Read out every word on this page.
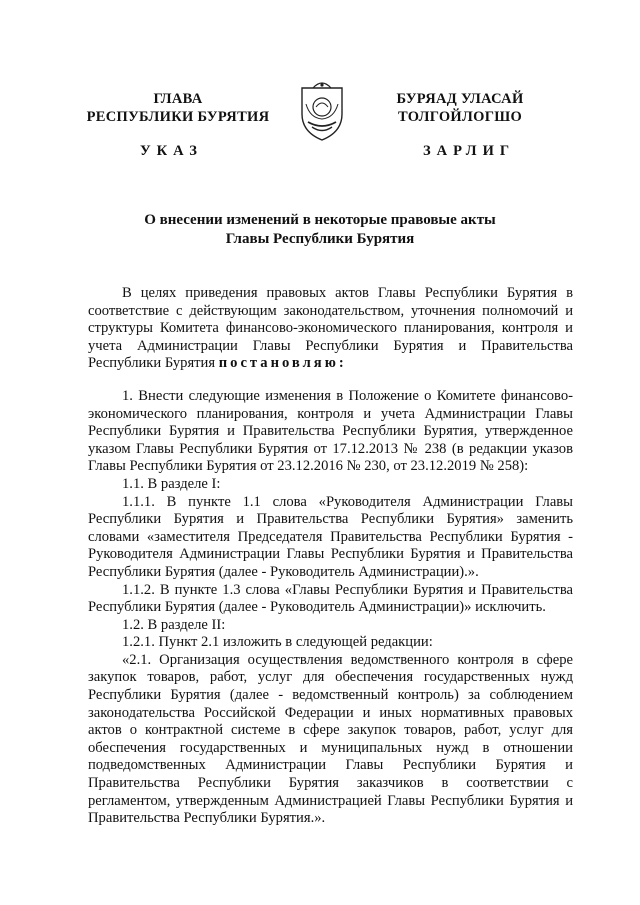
ГЛАВА
РЕСПУБЛИКИ БУРЯТИЯ
БУРЯАД УЛАСАЙ
ТОЛГОЙЛОГШО
УКАЗ	ЗАРЛИГ
О внесении изменений в некоторые правовые акты
Главы Республики Бурятия

В целях приведения правовых актов Главы Республики Бурятия в соответствие с действующим законодательством, уточнения полномочий и структуры Комитета финансово-экономического планирования, контроля и учета Администрации Главы Республики Бурятия и Правительства Республики Бурятия постановляю:

1. Внести следующие изменения в Положение о Комитете финансово-экономического планирования, контроля и учета Администрации Главы Республики Бурятия и Правительства Республики Бурятия, утвержденное указом Главы Республики Бурятия от 17.12.2013 № 238 (в редакции указов Главы Республики Бурятия от 23.12.2016 № 230, от 23.12.2019 № 258):

1.1. В разделе I:

1.1.1. В пункте 1.1 слова «Руководителя Администрации Главы Республики Бурятия и Правительства Республики Бурятия» заменить словами «заместителя Председателя Правительства Республики Бурятия - Руководителя Администрации Главы Республики Бурятия и Правительства Республики Бурятия (далее - Руководитель Администрации).».

1.1.2. В пункте 1.3 слова «Главы Республики Бурятия и Правительства Республики Бурятия (далее - Руководитель Администрации)» исключить.

1.2. В разделе II:

1.2.1. Пункт 2.1 изложить в следующей редакции:

«2.1. Организация осуществления ведомственного контроля в сфере закупок товаров, работ, услуг для обеспечения государственных нужд Республики Бурятия (далее - ведомственный контроль) за соблюдением законодательства Российской Федерации и иных нормативных правовых актов о контрактной системе в сфере закупок товаров, работ, услуг для обеспечения государственных и муниципальных нужд в отношении подведомственных Администрации Главы Республики Бурятия и Правительства Республики Бурятия заказчиков в соответствии с регламентом, утвержденным Администрацией Главы Республики Бурятия и Правительства Республики Бурятия.».
